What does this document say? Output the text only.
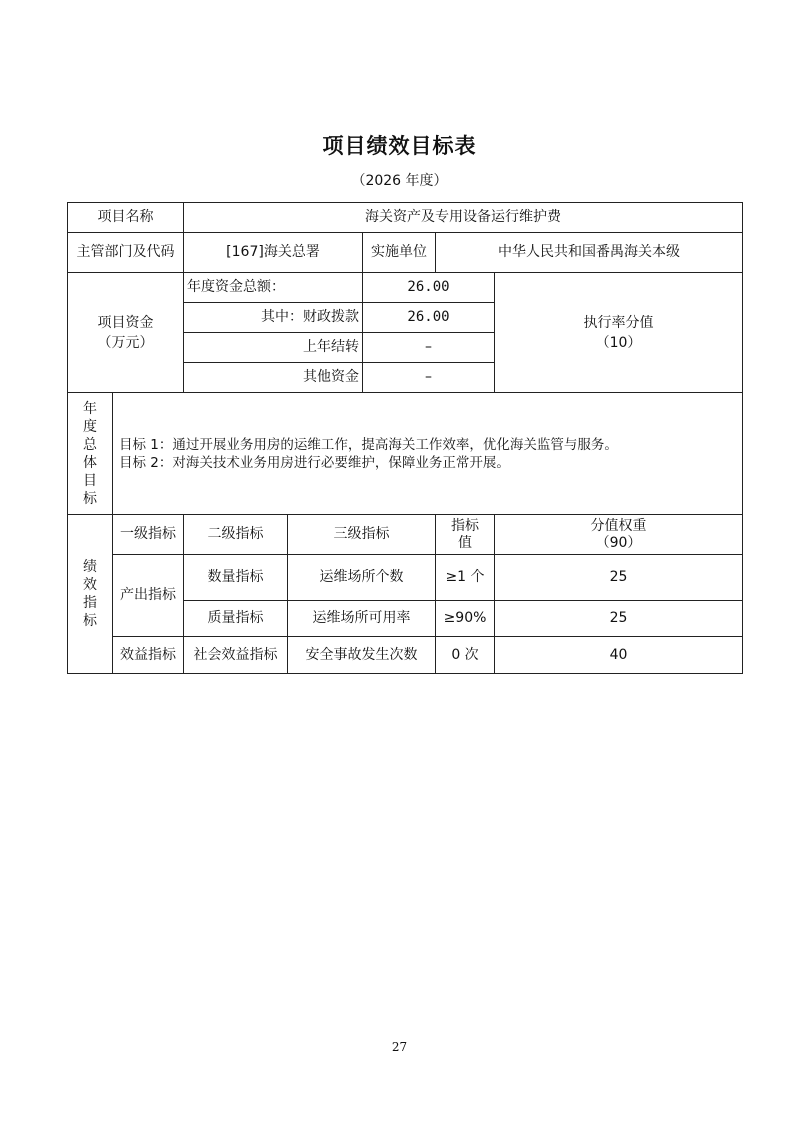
项目绩效目标表
（2026 年度）
项目名称		海关资产及专用设备运行维护费				
主管部门及代码		[167]海关总署		实施单位	中华人民共和国番禺海关本级	

项目资金（万元）		年度资金总额：		26.00		执行率分值（10）

		其中：财政拨款		26.00		
		上年结转		–		
		其他资金		–		

年度总体目标	目标 1：通过开展业务用房的运维工作，提高海关工作效率，优化海关监管与服务。
目标 2：对海关技术业务用房进行必要维护，保障业务正常开展。					

绩效指标	一级指标	二级指标	三级指标		指标值	分值权重（90）

	产出指标	数量指标	运维场所个数		≥1 个	25
		质量指标	运维场所可用率		≥90%	25
	效益指标	社会效益指标	安全事故发生次数		0 次	40
27
